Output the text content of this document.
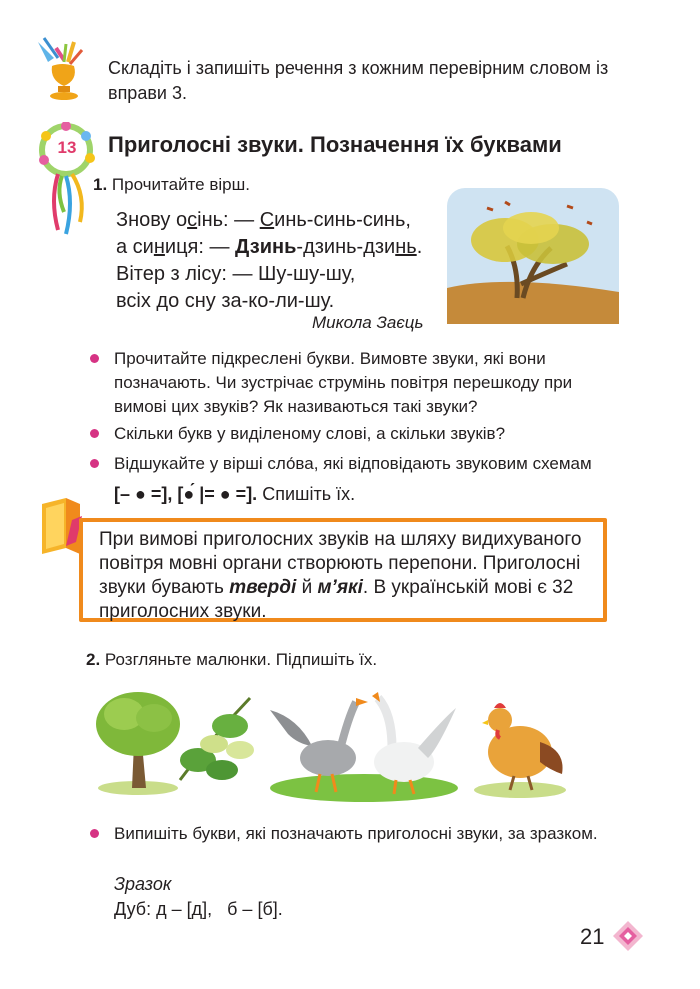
Складіть і запишіть речення з кожним перевірним словом із вправи 3.
13 Приголосні звуки. Позначення їх буквами
1. Прочитайте вірш.
Знову осінь: — Синь-синь-синь,
а синиця: — Дзинь-дзинь-дзинь.
Вітер з лісу: — Шу-шу-шу,
всіх до сну за-ко-ли-шу.
Микола Заєць
Прочитайте підкреслені букви. Вимовте звуки, які вони позначають. Чи зустрічає струмінь повітря перешкоду при вимові цих звуків? Як називаються такі звуки?
Скільки букв у виділеному слові, а скільки звуків?
Відшукайте у вірші сло́ва, які відповідають звуковим схемам
[– ● =], [●́ |= ● =]. Спишіть їх.
При вимові приголосних звуків на шляху видихуваного повітря мовні органи створюють перепони. Приголосні звуки бувають тверді й м’які. В українській мові є 32 приголосних звуки.
2. Розгляньте малюнки. Підпишіть їх.
Випишіть букви, які позначають приголосні звуки, за зразком.
Зразок
Дуб: д – [д],   б – [б].
21
